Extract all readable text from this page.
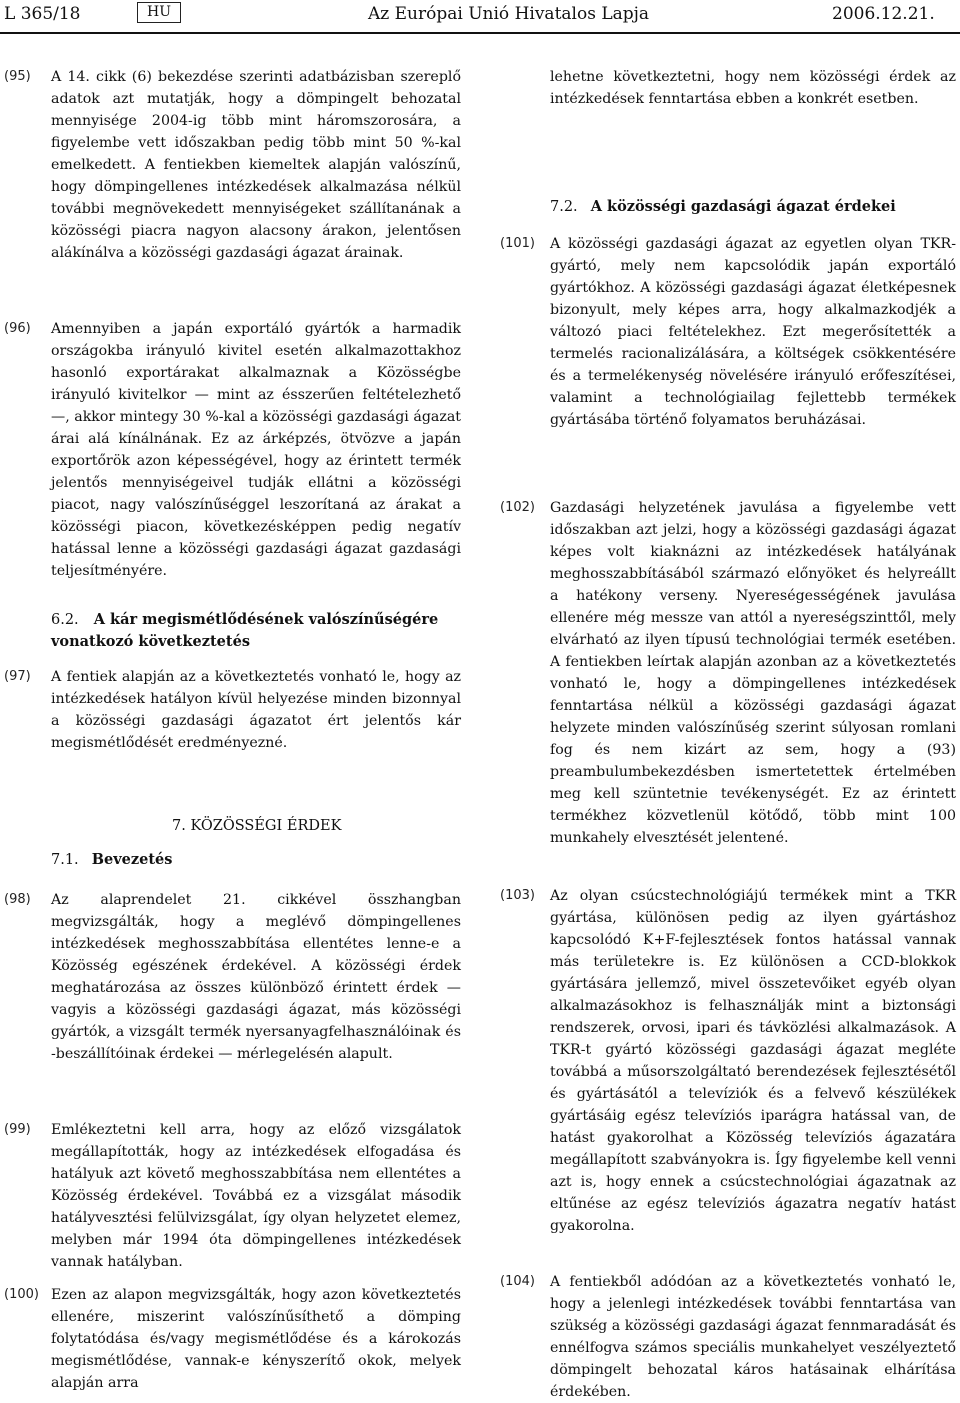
L 365/18	HU	Az Európai Unió Hivatalos Lapja	2006.12.21.
(95) A 14. cikk (6) bekezdése szerinti adatbázisban szereplő adatok azt mutatják, hogy a dömpingelt behozatal mennyisége 2004-ig több mint háromszorosára, a figyelembe vett időszakban pedig több mint 50 %-kal emelkedett. A fentiekben kiemeltek alapján valószínű, hogy dömpingellenes intézkedések alkalmazása nélkül további megnövekedett mennyiségeket szállítanának a közösségi piacra nagyon alacsony árakon, jelentősen alákínálva a közösségi gazdasági ágazat árainak.
(96) Amennyiben a japán exportáló gyártók a harmadik országokba irányuló kivitel esetén alkalmazottakhoz hasonló exportárakat alkalmaznak a Közösségbe irányuló kivitelkor — mint az ésszerűen feltételezhető —, akkor mintegy 30 %-kal a közösségi gazdasági ágazat árai alá kínálnának. Ez az árképzés, ötvözve a japán exportőrök azon képességével, hogy az érintett termék jelentős mennyiségeivel tudják ellátni a közösségi piacot, nagy valószínűséggel leszorítaná az árakat a közösségi piacon, következésképpen pedig negatív hatással lenne a közösségi gazdasági ágazat gazdasági teljesítményére.
6.2. A kár megismétlődésének valószínűségére vonatkozó következtetés
(97) A fentiek alapján az a következtetés vonható le, hogy az intézkedések hatályon kívül helyezése minden bizonnyal a közösségi gazdasági ágazatot ért jelentős kár megismétlődését eredményezné.
7. KÖZÖSSÉGI ÉRDEK
7.1. Bevezetés
(98) Az alaprendelet 21. cikkével összhangban megvizsgálták, hogy a meglévő dömpingellenes intézkedések meghosszabbítása ellentétes lenne-e a Közösség egészének érdekével. A közösségi érdek meghatározása az összes különböző érintett érdek — vagyis a közösségi gazdasági ágazat, más közösségi gyártók, a vizsgált termék nyersanyagfelhasználóinak és -beszállítóinak érdekei — mérlegelésén alapult.
(99) Emlékeztetni kell arra, hogy az előző vizsgálatok megállapították, hogy az intézkedések elfogadása és hatályuk azt követő meghosszabbítása nem ellentétes a Közösség érdekével. Továbbá ez a vizsgálat második hatályvesztési felülvizsgálat, így olyan helyzetet elemez, melyben már 1994 óta dömpingellenes intézkedések vannak hatályban.
(100) Ezen az alapon megvizsgálták, hogy azon következtetés ellenére, miszerint valószínűsíthető a dömping folytatódása és/vagy megismétlődése és a károkozás megismétlődése, vannak-e kényszerítő okok, melyek alapján arra
lehetne következtetni, hogy nem közösségi érdek az intézkedések fenntartása ebben a konkrét esetben.
7.2. A közösségi gazdasági ágazat érdekei
(101) A közösségi gazdasági ágazat az egyetlen olyan TKR-gyártó, mely nem kapcsolódik japán exportáló gyártókhoz. A közösségi gazdasági ágazat életképesnek bizonyult, mely képes arra, hogy alkalmazkodjék a változó piaci feltételekhez. Ezt megerősítették a termelés racionalizálására, a költségek csökkentésére és a termelékenység növelésére irányuló erőfeszítései, valamint a technológiailag fejlettebb termékek gyártásába történő folyamatos beruházásai.
(102) Gazdasági helyzetének javulása a figyelembe vett időszakban azt jelzi, hogy a közösségi gazdasági ágazat képes volt kiaknázni az intézkedések hatályának meghosszabbításából származó előnyöket és helyreállt a hatékony verseny. Nyereségességének javulása ellenére még messze van attól a nyereségszinttől, mely elvárható az ilyen típusú technológiai termék esetében. A fentiekben leírtak alapján azonban az a következtetés vonható le, hogy a dömpingellenes intézkedések fenntartása nélkül a közösségi gazdasági ágazat helyzete minden valószínűség szerint súlyosan romlani fog és nem kizárt az sem, hogy a (93) preambulumbekezdésben ismertetettek értelmében meg kell szüntetnie tevékenységét. Ez az érintett termékhez közvetlenül kötődő, több mint 100 munkahely elvesztését jelentené.
(103) Az olyan csúcstechnológiájú termékek mint a TKR gyártása, különösen pedig az ilyen gyártáshoz kapcsolódó K+F-fejlesztések fontos hatással vannak más területekre is. Ez különösen a CCD-blokkok gyártására jellemző, mivel összetevőiket egyéb olyan alkalmazásokhoz is felhasználják mint a biztonsági rendszerek, orvosi, ipari és távközlési alkalmazások. A TKR-t gyártó közösségi gazdasági ágazat megléte továbbá a műsorszolgáltató berendezések fejlesztésétől és gyártásától a televíziók és a felvevő készülékek gyártásáig egész televíziós iparágra hatással van, de hatást gyakorolhat a Közösség televíziós ágazatára megállapított szabványokra is. Így figyelembe kell venni azt is, hogy ennek a csúcstechnológiai ágazatnak az eltűnése az egész televíziós ágazatra negatív hatást gyakorolna.
(104) A fentiekből adódóan az a következtetés vonható le, hogy a jelenlegi intézkedések további fenntartása van szükség a közösségi gazdasági ágazat fennmaradását és ennélfogva számos speciális munkahelyet veszélyeztető dömpingelt behozatal káros hatásainak elhárítása érdekében.
